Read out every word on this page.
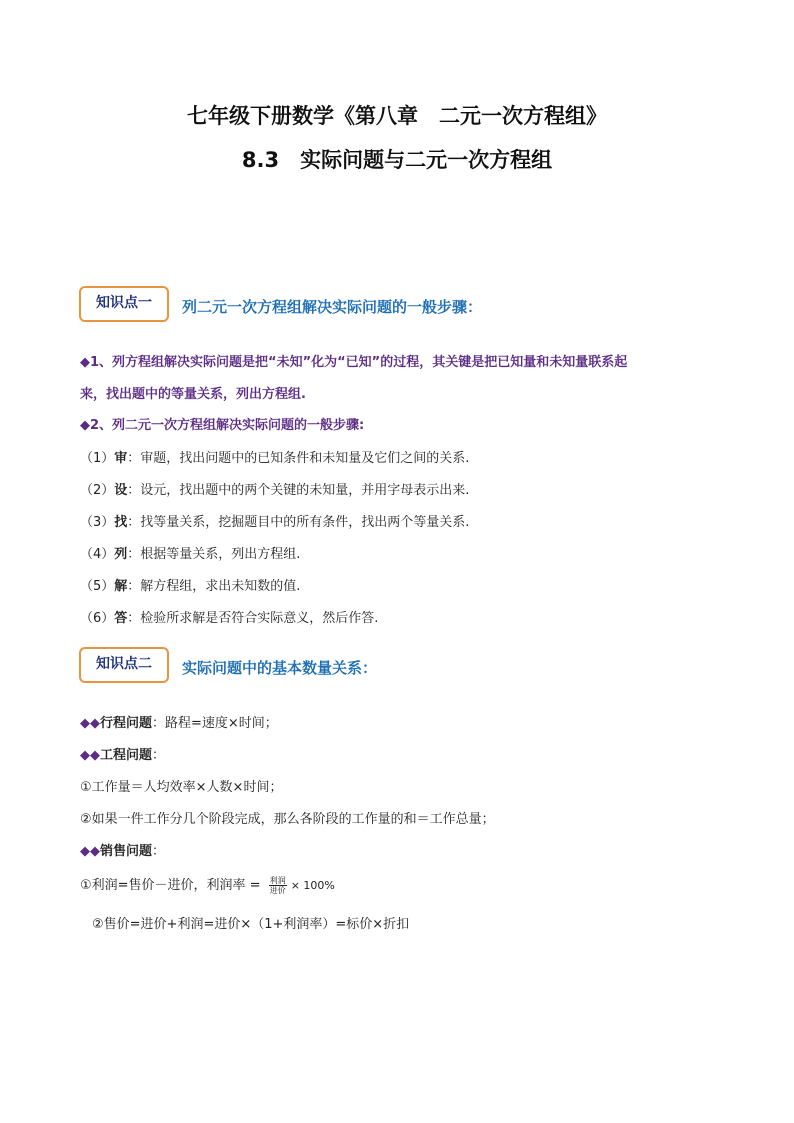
七年级下册数学《第八章　二元一次方程组》
8.3　实际问题与二元一次方程组
知识点一	列二元一次方程组解决实际问题的一般步骤：
◆1、列方程组解决实际问题是把“未知”化为“已知”的过程，其关键是把已知量和未知量联系起
来，找出题中的等量关系，列出方程组.
◆2、列二元一次方程组解决实际问题的一般步骤:
（1）审：审题，找出问题中的已知条件和未知量及它们之间的关系.
（2）设：设元，找出题中的两个关键的未知量，并用字母表示出来.
（3）找：找等量关系，挖掘题目中的所有条件，找出两个等量关系.
（4）列：根据等量关系，列出方程组.
（5）解：解方程组，求出未知数的值.
（6）答：检验所求解是否符合实际意义，然后作答.
知识点二	实际问题中的基本数量关系：
◆◆行程问题：路程=速度×时间；
◆◆工程问题：
①工作量＝人均效率×人数×时间；
②如果一件工作分几个阶段完成，那么各阶段的工作量的和＝工作总量；
◆◆销售问题：
①利润=售价－进价，利润率 = $\frac{\text{利润}}{\text{进价}} \times 100\%$
②售价=进价+利润=进价×（1+利润率）=标价×折扣
